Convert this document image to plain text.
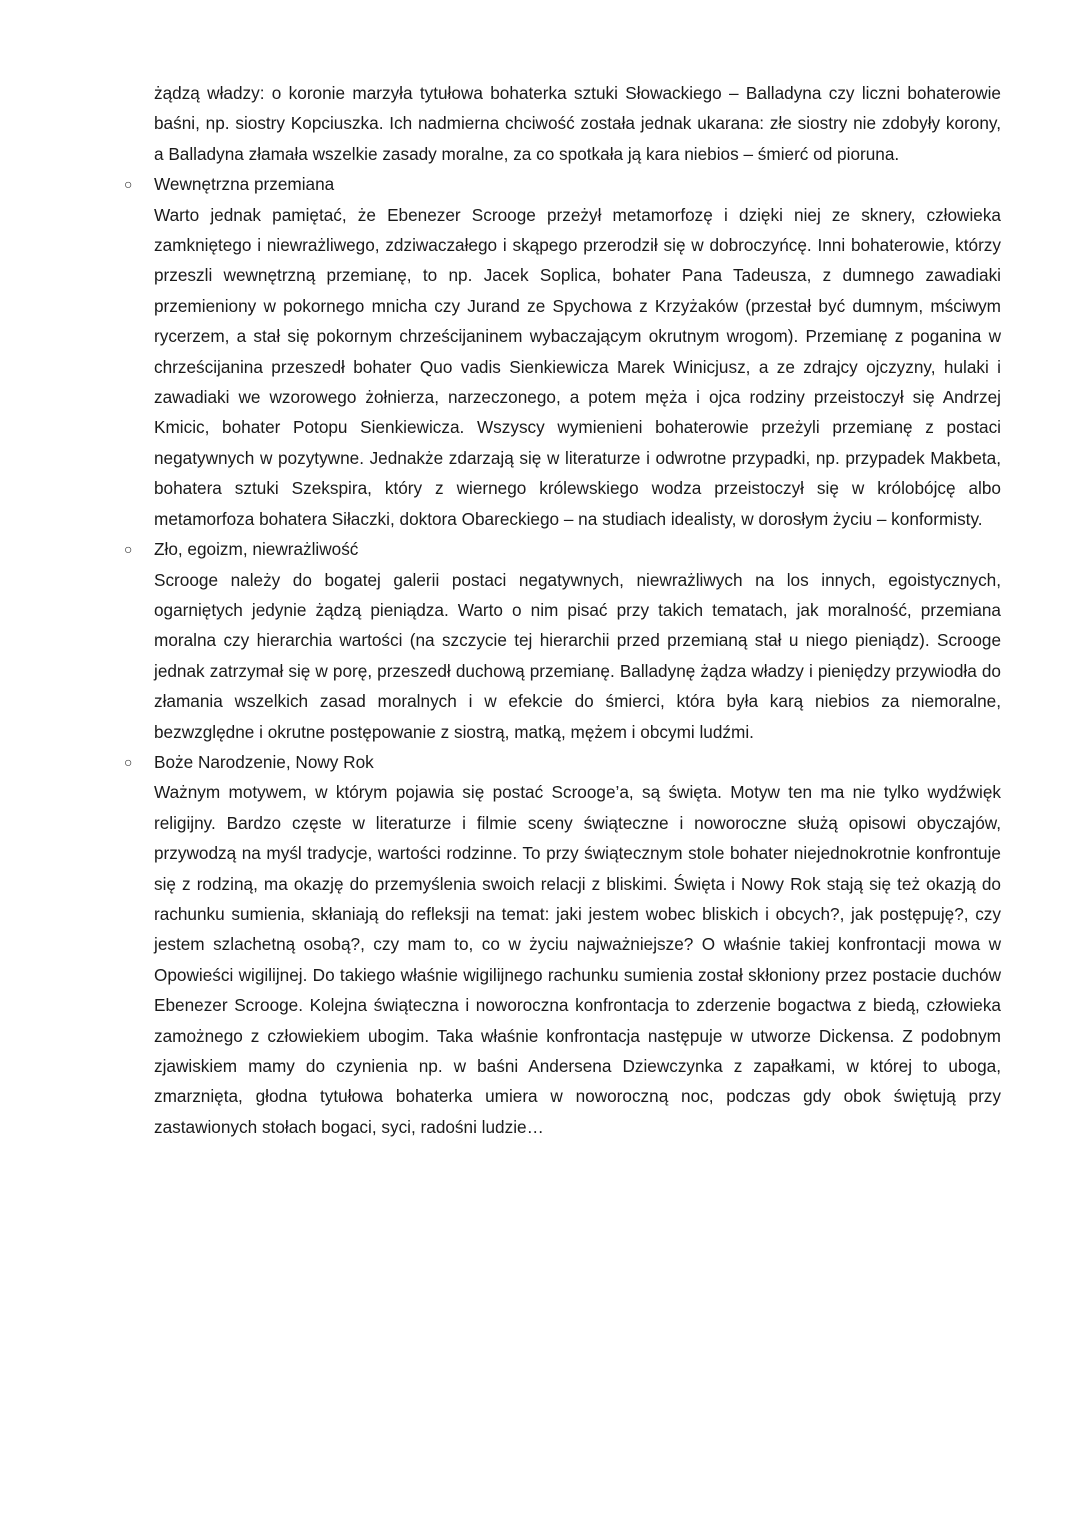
żądzą władzy: o koronie marzyła tytułowa bohaterka sztuki Słowackiego – Balladyna czy liczni bohaterowie baśni, np. siostry Kopciuszka. Ich nadmierna chciwość została jednak ukarana: złe siostry nie zdobyły korony, a Balladyna złamała wszelkie zasady moralne, za co spotkała ją kara niebios – śmierć od pioruna.

○ Wewnętrzna przemiana

Warto jednak pamiętać, że Ebenezer Scrooge przeżył metamorfozę i dzięki niej ze sknery, człowieka zamkniętego i niewrażliwego, zdziwaczałego i skąpego przerodził się w dobroczyńcę. Inni bohaterowie, którzy przeszli wewnętrzną przemianę, to np. Jacek Soplica, bohater Pana Tadeusza, z dumnego zawadiaki przemieniony w pokornego mnicha czy Jurand ze Spychowa z Krzyżaków (przestał być dumnym, mściwym rycerzem, a stał się pokornym chrześcijaninem wybaczającym okrutnym wrogom). Przemianę z poganina w chrześcijanina przeszedł bohater Quo vadis Sienkiewicza Marek Winicjusz, a ze zdrajcy ojczyzny, hulaki i zawadiaki we wzorowego żołnierza, narzeczonego, a potem męża i ojca rodziny przeistoczył się Andrzej Kmicic, bohater Potopu Sienkiewicza. Wszyscy wymienieni bohaterowie przeżyli przemianę z postaci negatywnych w pozytywne. Jednakże zdarzają się w literaturze i odwrotne przypadki, np. przypadek Makbeta, bohatera sztuki Szekspira, który z wiernego królewskiego wodza przeistoczył się w królobójcę albo metamorfoza bohatera Siłaczki, doktora Obareckiego – na studiach idealisty, w dorosłym życiu – konformisty.

○ Zło, egoizm, niewrażliwość

Scrooge należy do bogatej galerii postaci negatywnych, niewrażliwych na los innych, egoistycznych, ogarniętych jedynie żądzą pieniądza. Warto o nim pisać przy takich tematach, jak moralność, przemiana moralna czy hierarchia wartości (na szczycie tej hierarchii przed przemianą stał u niego pieniądz). Scrooge jednak zatrzymał się w porę, przeszedł duchową przemianę. Balladynę żądza władzy i pieniędzy przywiodła do złamania wszelkich zasad moralnych i w efekcie do śmierci, która była karą niebios za niemoralne, bezwzględne i okrutne postępowanie z siostrą, matką, mężem i obcymi ludźmi.

○ Boże Narodzenie, Nowy Rok

Ważnym motywem, w którym pojawia się postać Scrooge’a, są święta. Motyw ten ma nie tylko wydźwięk religijny. Bardzo częste w literaturze i filmie sceny świąteczne i noworoczne służą opisowi obyczajów, przywodzą na myśl tradycje, wartości rodzinne. To przy świątecznym stole bohater niejednokrotnie konfrontuje się z rodziną, ma okazję do przemyślenia swoich relacji z bliskimi. Święta i Nowy Rok stają się też okazją do rachunku sumienia, skłaniają do refleksji na temat: jaki jestem wobec bliskich i obcych?, jak postępuję?, czy jestem szlachetną osobą?, czy mam to, co w życiu najważniejsze? O właśnie takiej konfrontacji mowa w Opowieści wigilijnej. Do takiego właśnie wigilijnego rachunku sumienia został skłoniony przez postacie duchów Ebenezer Scrooge. Kolejna świąteczna i noworoczna konfrontacja to zderzenie bogactwa z biedą, człowieka zamożnego z człowiekiem ubogim. Taka właśnie konfrontacja następuje w utworze Dickensa. Z podobnym zjawiskiem mamy do czynienia np. w baśni Andersena Dziewczynka z zapałkami, w której to uboga, zmarznięta, głodna tytułowa bohaterka umiera w noworoczną noc, podczas gdy obok świętują przy zastawionych stołach bogaci, syci, radośni ludzie…
